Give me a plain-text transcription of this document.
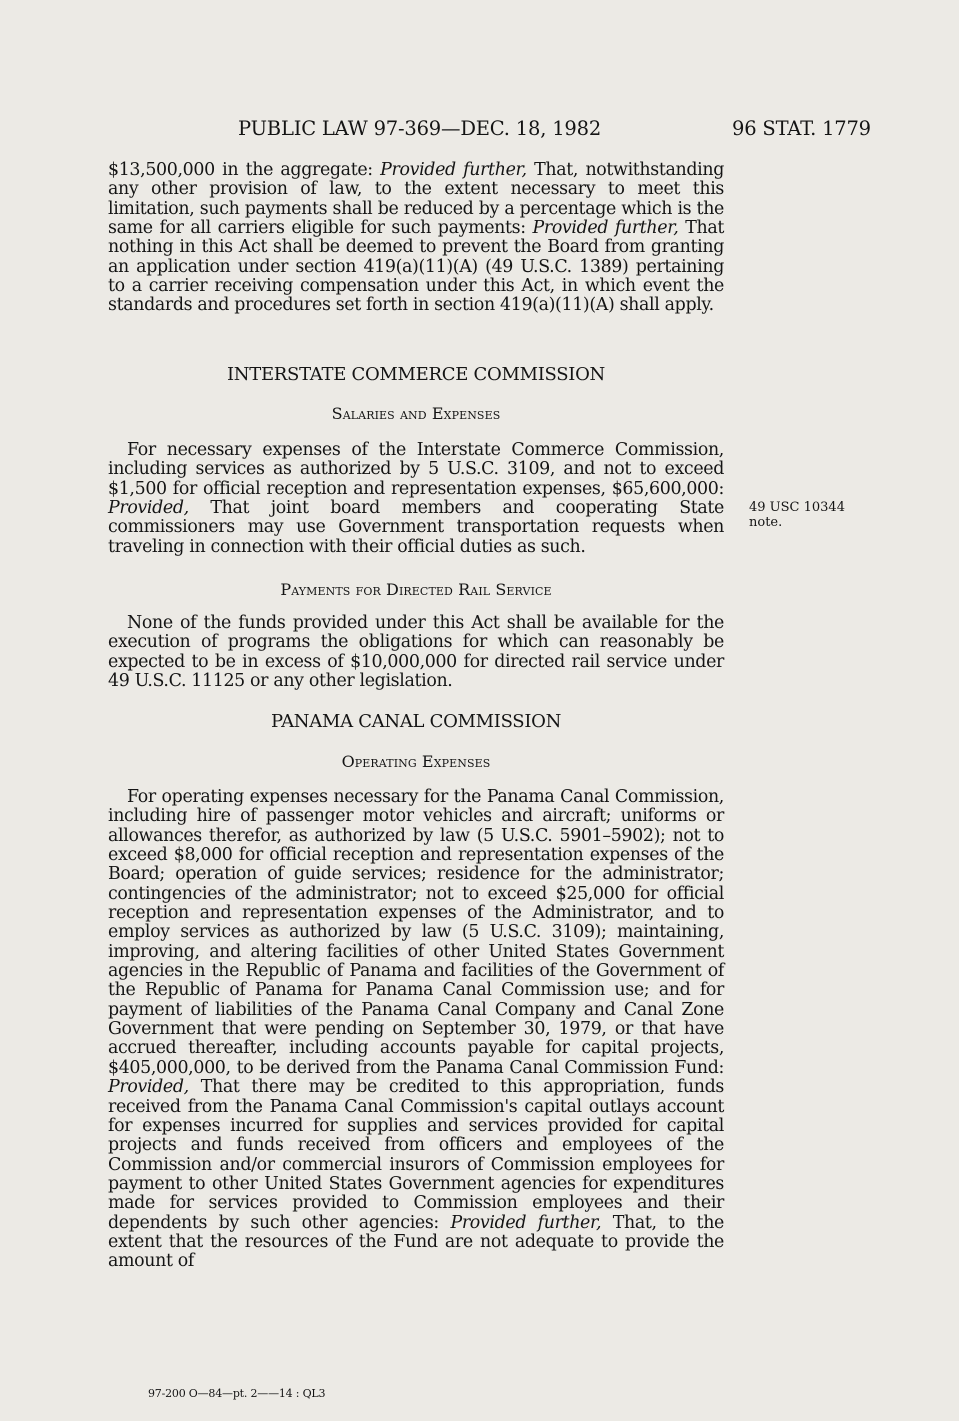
PUBLIC LAW 97-369—DEC. 18, 1982	96 STAT. 1779

$13,500,000 in the aggregate: Provided further, That, notwithstanding any other provision of law, to the extent necessary to meet this limitation, such payments shall be reduced by a percentage which is the same for all carriers eligible for such payments: Provided further, That nothing in this Act shall be deemed to prevent the Board from granting an application under section 419(a)(11)(A) (49 U.S.C. 1389) pertaining to a carrier receiving compensation under this Act, in which event the standards and procedures set forth in section 419(a)(11)(A) shall apply.

INTERSTATE COMMERCE COMMISSION
Salaries and Expenses

For necessary expenses of the Interstate Commerce Commission, including services as authorized by 5 U.S.C. 3109, and not to exceed $1,500 for official reception and representation expenses, $65,600,000: Provided, That joint board members and cooperating State commissioners may use Government transportation requests when traveling in connection with their official duties as such.

49 USC 10344
note.
Payments for Directed Rail Service

None of the funds provided under this Act shall be available for the execution of programs the obligations for which can reasonably be expected to be in excess of $10,000,000 for directed rail service under 49 U.S.C. 11125 or any other legislation.

PANAMA CANAL COMMISSION
Operating Expenses

For operating expenses necessary for the Panama Canal Commission, including hire of passenger motor vehicles and aircraft; uniforms or allowances therefor, as authorized by law (5 U.S.C. 5901–5902); not to exceed $8,000 for official reception and representation expenses of the Board; operation of guide services; residence for the administrator; contingencies of the administrator; not to exceed $25,000 for official reception and representation expenses of the Administrator, and to employ services as authorized by law (5 U.S.C. 3109); maintaining, improving, and altering facilities of other United States Government agencies in the Republic of Panama and facilities of the Government of the Republic of Panama for Panama Canal Commission use; and for payment of liabilities of the Panama Canal Company and Canal Zone Government that were pending on September 30, 1979, or that have accrued thereafter, including accounts payable for capital projects, $405,000,000, to be derived from the Panama Canal Commission Fund: Provided, That there may be credited to this appropriation, funds received from the Panama Canal Commission's capital outlays account for expenses incurred for supplies and services provided for capital projects and funds received from officers and employees of the Commission and/or commercial insurors of Commission employees for payment to other United States Government agencies for expenditures made for services provided to Commission employees and their dependents by such other agencies: Provided further, That, to the extent that the resources of the Fund are not adequate to provide the amount of

97-200 O—84—pt. 2——14 : QL3
